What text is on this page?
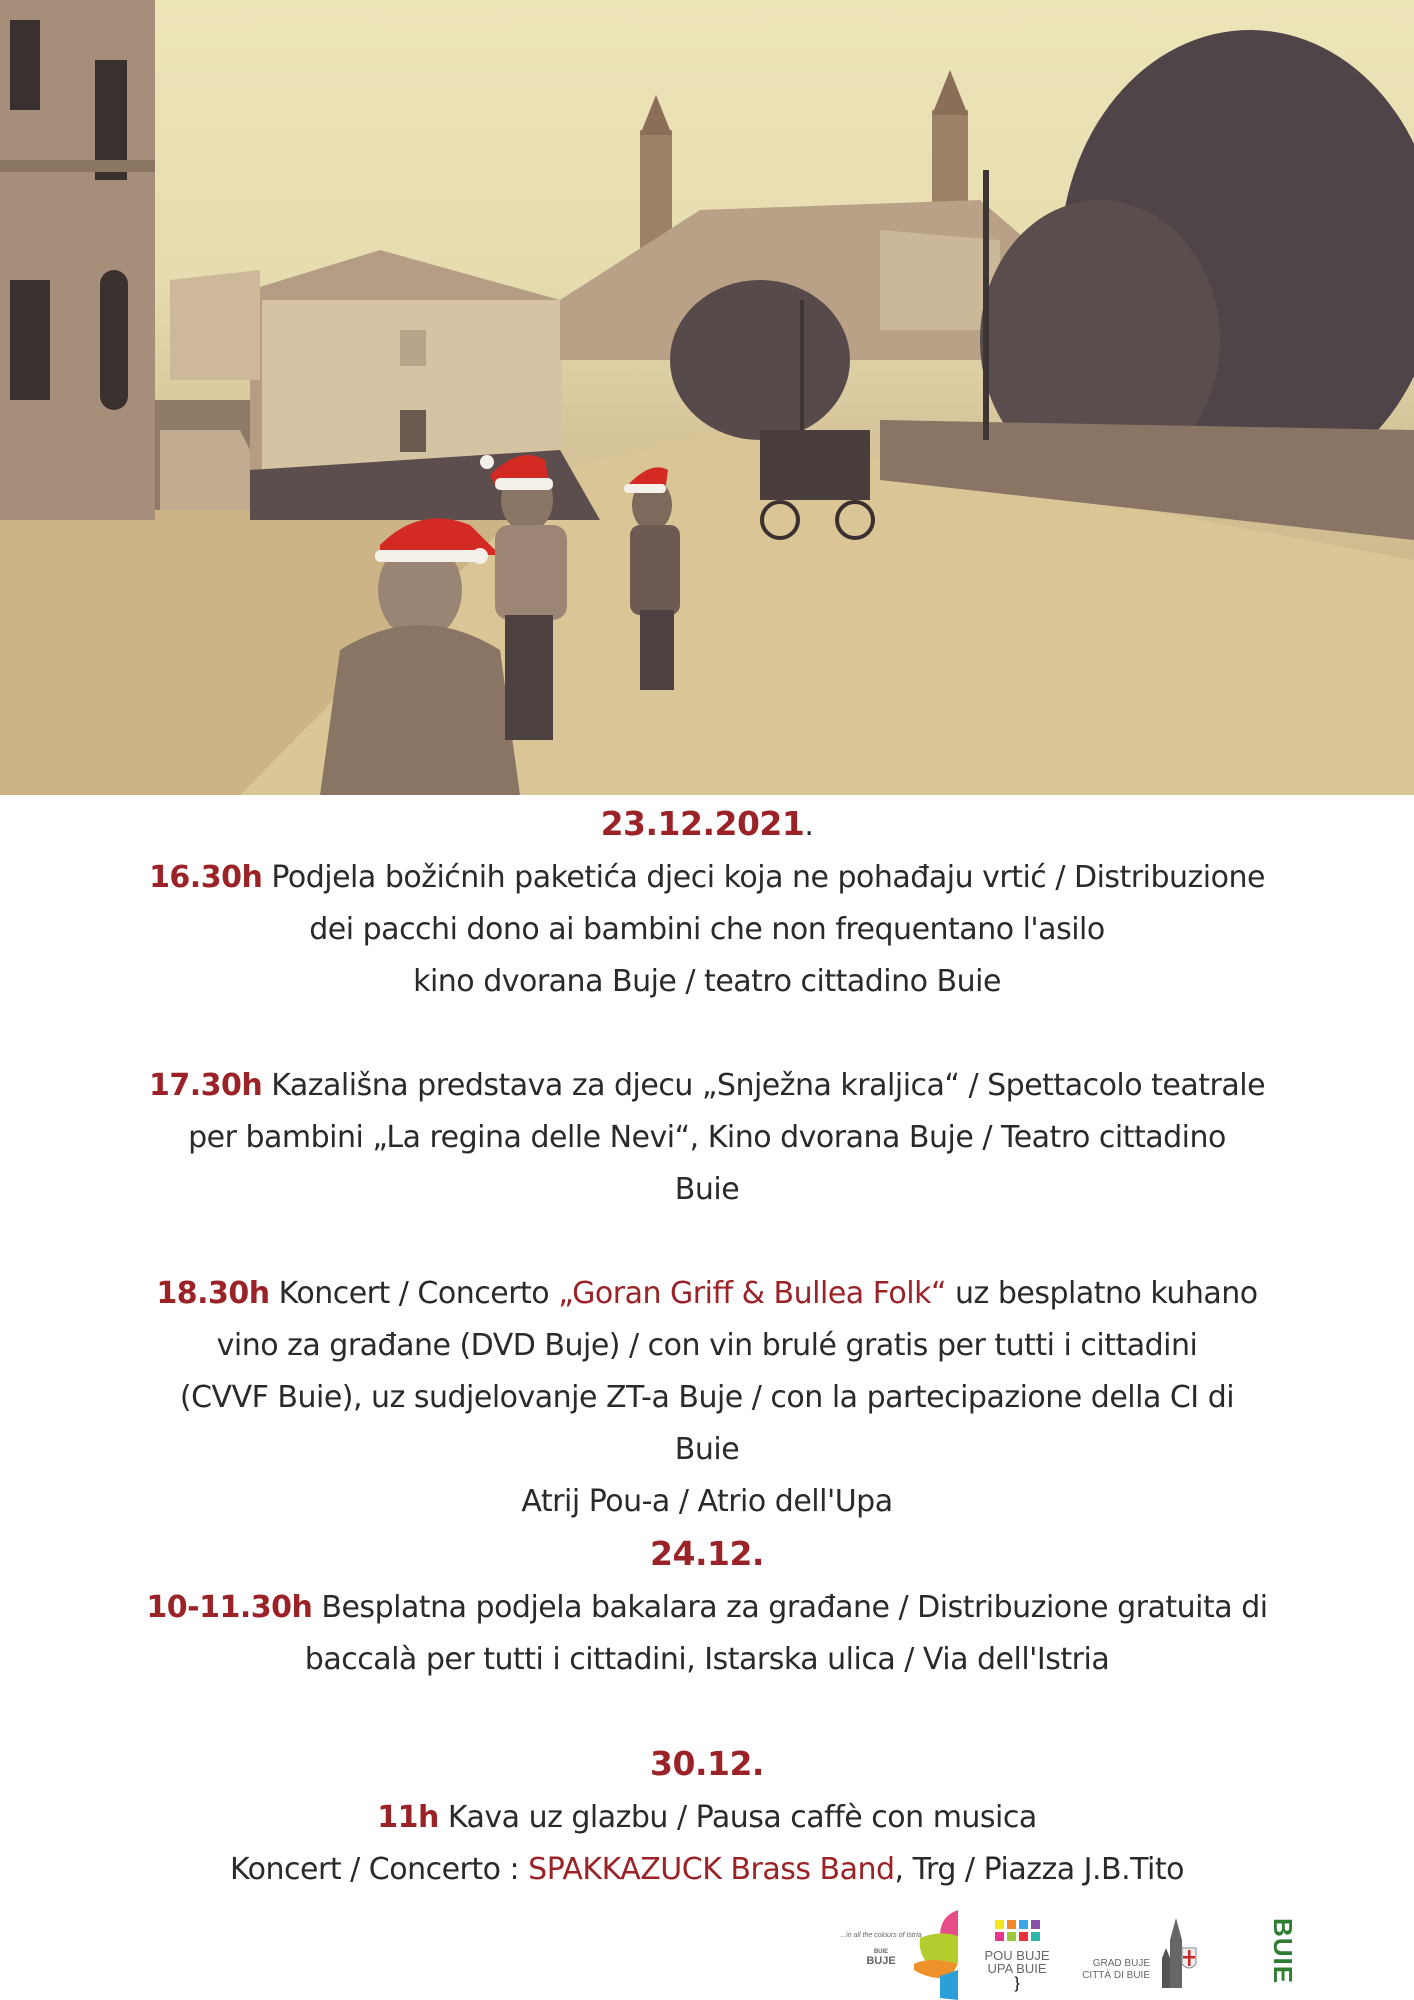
23.12.2021.
16.30h Podjela božićnih paketića djeci koja ne pohađaju vrtić / Distribuzione
dei pacchi dono ai bambini che non frequentano l'asilo
kino dvorana Buje / teatro cittadino Buie
17.30h Kazališna predstava za djecu „Snježna kraljica“ / Spettacolo teatrale
per bambini „La regina delle Nevi“, Kino dvorana Buje / Teatro cittadino
Buie
18.30h Koncert / Concerto „Goran Griff & Bullea Folk“ uz besplatno kuhano
vino za građane (DVD Buje) / con vin brulé gratis per tutti i cittadini
(CVVF Buie), uz sudjelovanje ZT-a Buje / con la partecipazione della CI di
Buie
Atrij Pou-a / Atrio dell'Upa
24.12.
10-11.30h Besplatna podjela bakalara za građane / Distribuzione gratuita di
baccalà per tutti i cittadini, Istarska ulica / Via dell'Istria
30.12.
11h Kava uz glazbu / Pausa caffè con musica
Koncert / Concerto : SPAKKAZUCK Brass Band, Trg / Piazza J.B.Tito
...in all the colours of Istria
BUIE
BUJE	POU BUJE
UPA BUIE
}
GRAD BUJE
CITTÀ DI BUIE	BUIE
